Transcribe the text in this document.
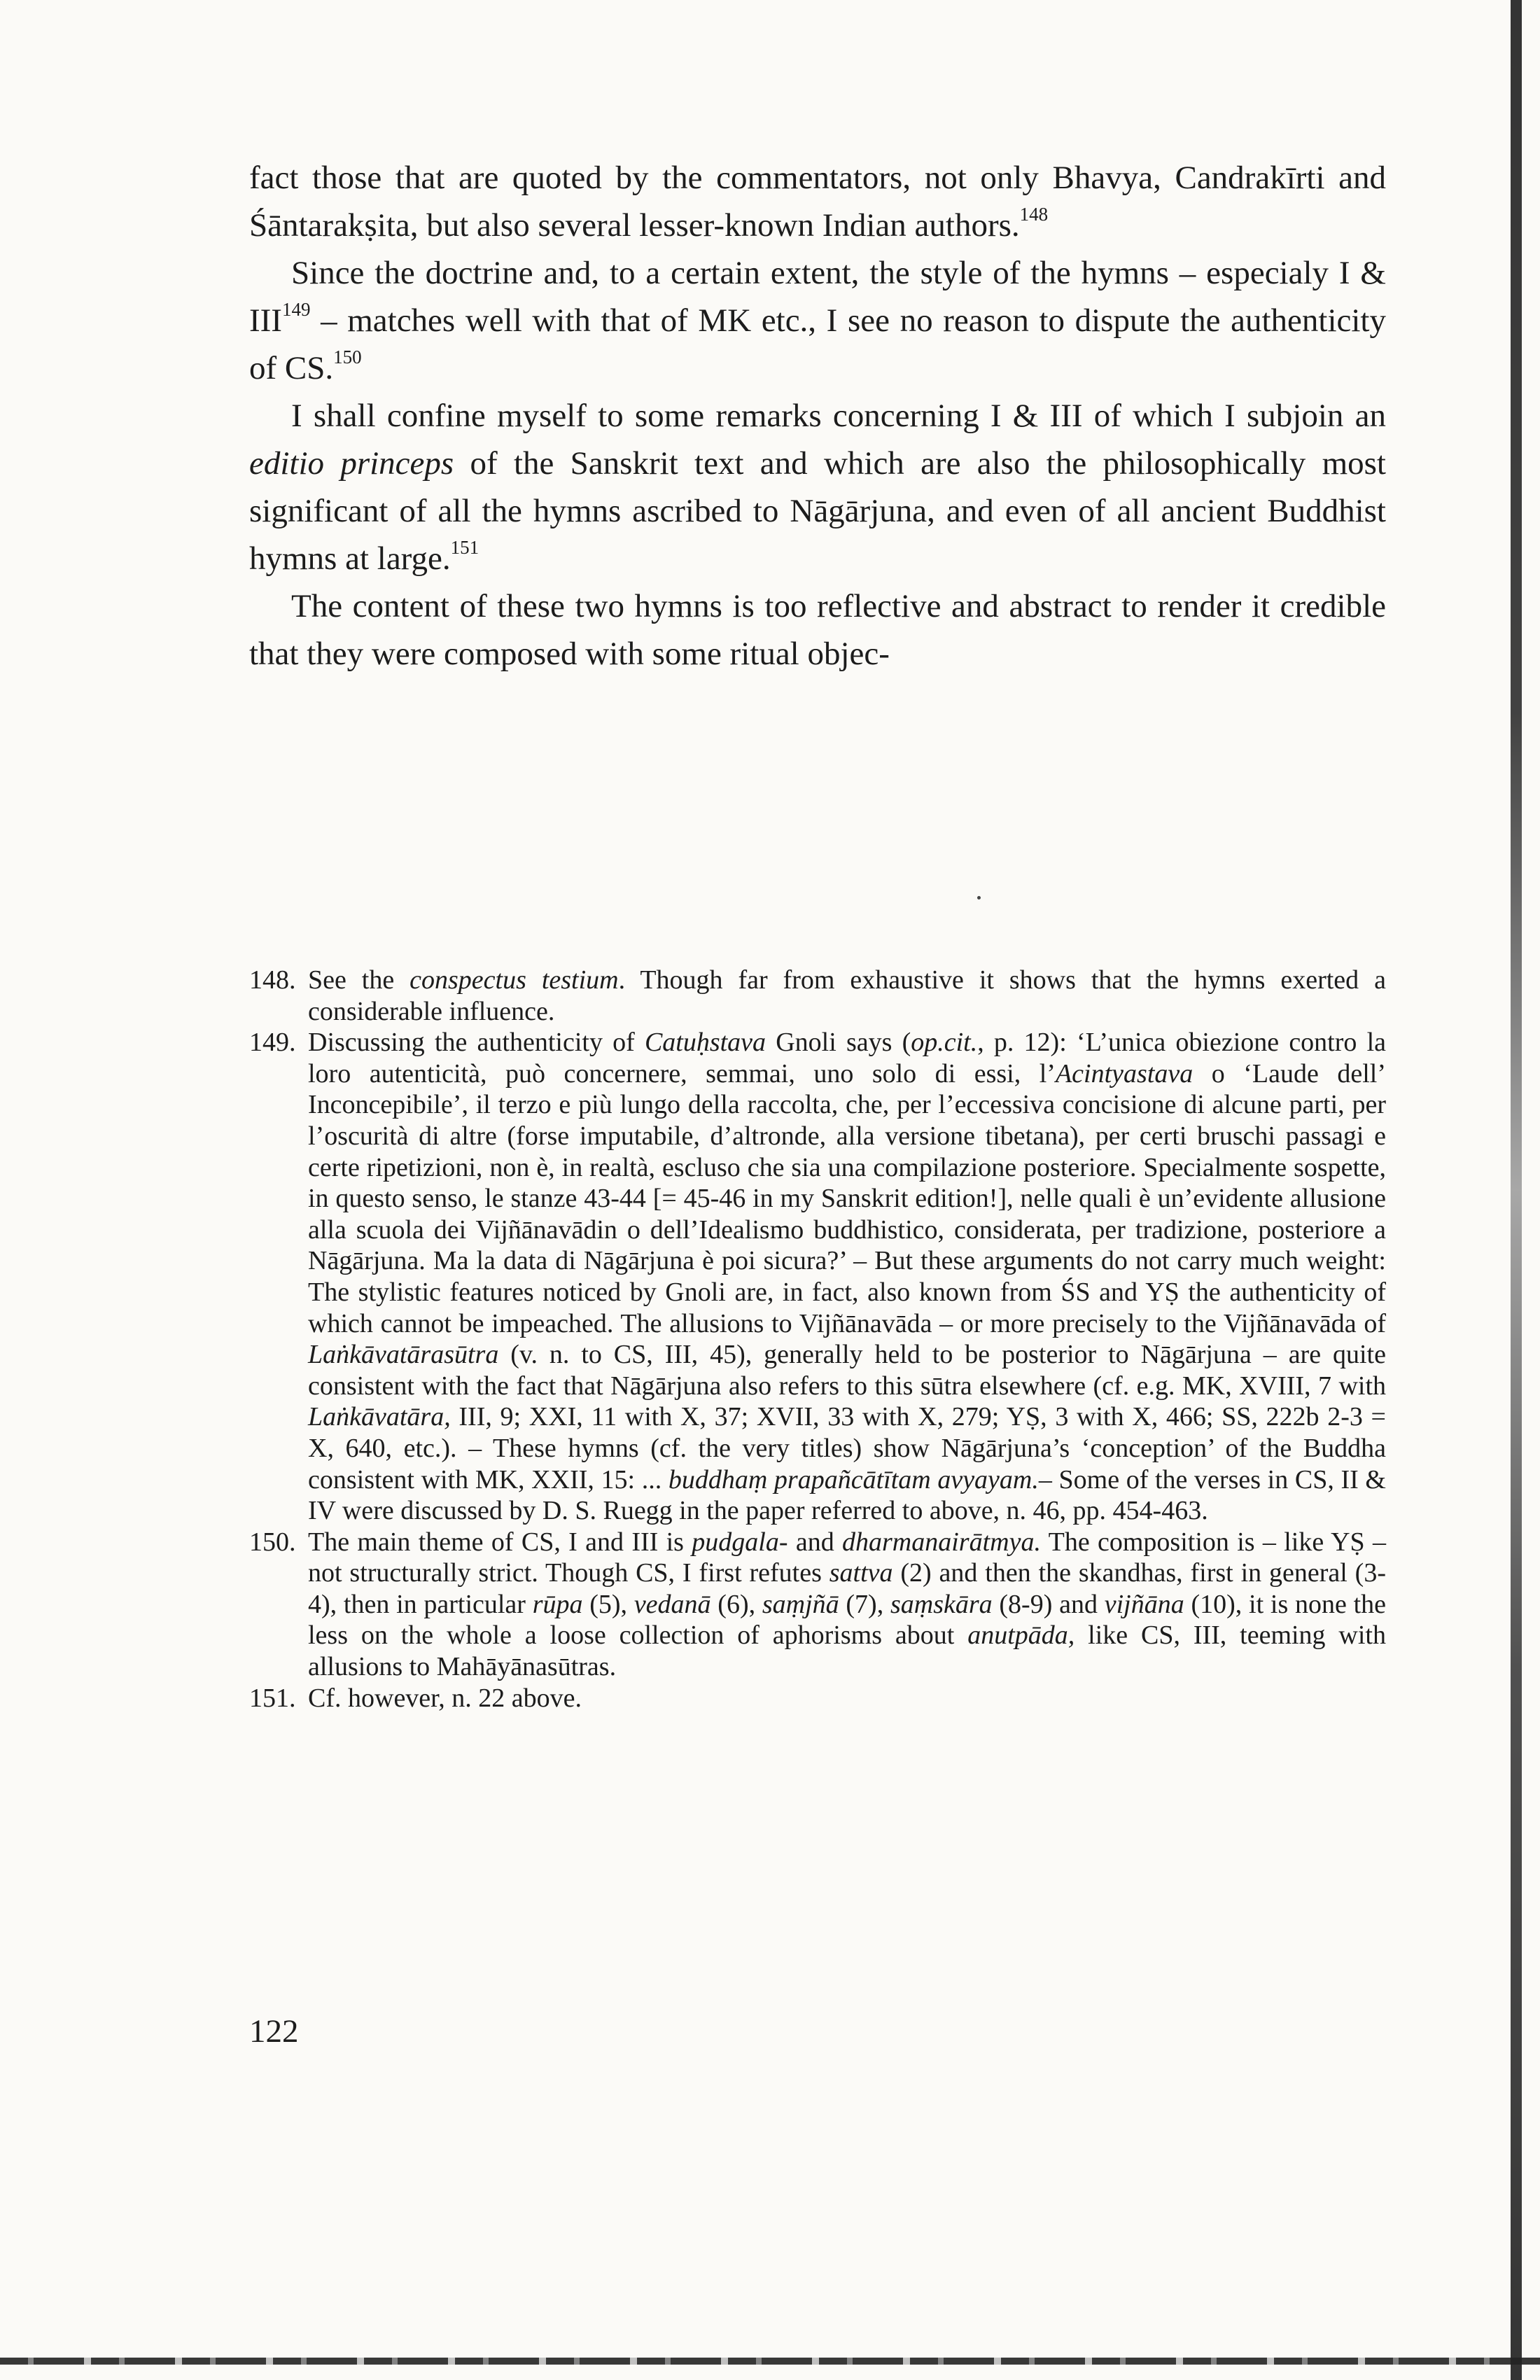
fact those that are quoted by the commentators, not only Bhavya, Candrakīrti and Śāntarakṣita, but also several lesser-known Indian authors.$^{148}$

Since the doctrine and, to a certain extent, the style of the hymns – especialy I & III$^{149}$ – matches well with that of MK etc., I see no reason to dispute the authenticity of CS.$^{150}$

I shall confine myself to some remarks concerning I & III of which I subjoin an editio princeps of the Sanskrit text and which are also the philosophically most significant of all the hymns ascribed to Nāgārjuna, and even of all ancient Buddhist hymns at large.$^{151}$

The content of these two hymns is too reflective and abstract to render it credible that they were composed with some ritual objec-

148. See the conspectus testium. Though far from exhaustive it shows that the hymns exerted a considerable influence.
149. Discussing the authenticity of Catuḥstava Gnoli says (op.cit., p. 12): ‘L’unica obiezione contro la loro autenticità, può concernere, semmai, uno solo di essi, l’Acintyastava o ‘Laude dell’ Inconcepibile’, il terzo e più lungo della raccolta, che, per l’eccessiva concisione di alcune parti, per l’oscurità di altre (forse imputabile, d’altronde, alla versione tibetana), per certi bruschi passagi e certe ripetizioni, non è, in realtà, escluso che sia una compilazione posteriore. Specialmente sospette, in questo senso, le stanze 43-44 [= 45-46 in my Sanskrit edition!], nelle quali è un’evidente allusione alla scuola dei Vijñānavādin o dell’Idealismo buddhistico, considerata, per tradizione, posteriore a Nāgārjuna. Ma la data di Nāgārjuna è poi sicura?’ – But these arguments do not carry much weight: The stylistic features noticed by Gnoli are, in fact, also known from ŚS and YṢ the authenticity of which cannot be impeached. The allusions to Vijñānavāda – or more precisely to the Vijñānavāda of Laṅkāvatārasūtra (v. n. to CS, III, 45), generally held to be posterior to Nāgārjuna – are quite consistent with the fact that Nāgārjuna also refers to this sūtra elsewhere (cf. e.g. MK, XVIII, 7 with Laṅkāvatāra, III, 9; XXI, 11 with X, 37; XVII, 33 with X, 279; YṢ, 3 with X, 466; SS, 222b 2-3 = X, 640, etc.). – These hymns (cf. the very titles) show Nāgārjuna’s ‘conception’ of the Buddha consistent with MK, XXII, 15: ... buddhaṃ prapañcātītam avyayam.– Some of the verses in CS, II & IV were discussed by D. S. Ruegg in the paper referred to above, n. 46, pp. 454-463.
150. The main theme of CS, I and III is pudgala- and dharmanairātmya. The composition is – like YṢ – not structurally strict. Though CS, I first refutes sattva (2) and then the skandhas, first in general (3-4), then in particular rūpa (5), vedanā (6), saṃjñā (7), saṃskāra (8-9) and vijñāna (10), it is none the less on the whole a loose collection of aphorisms about anutpāda, like CS, III, teeming with allusions to Mahāyānasūtras.
151. Cf. however, n. 22 above.
122
